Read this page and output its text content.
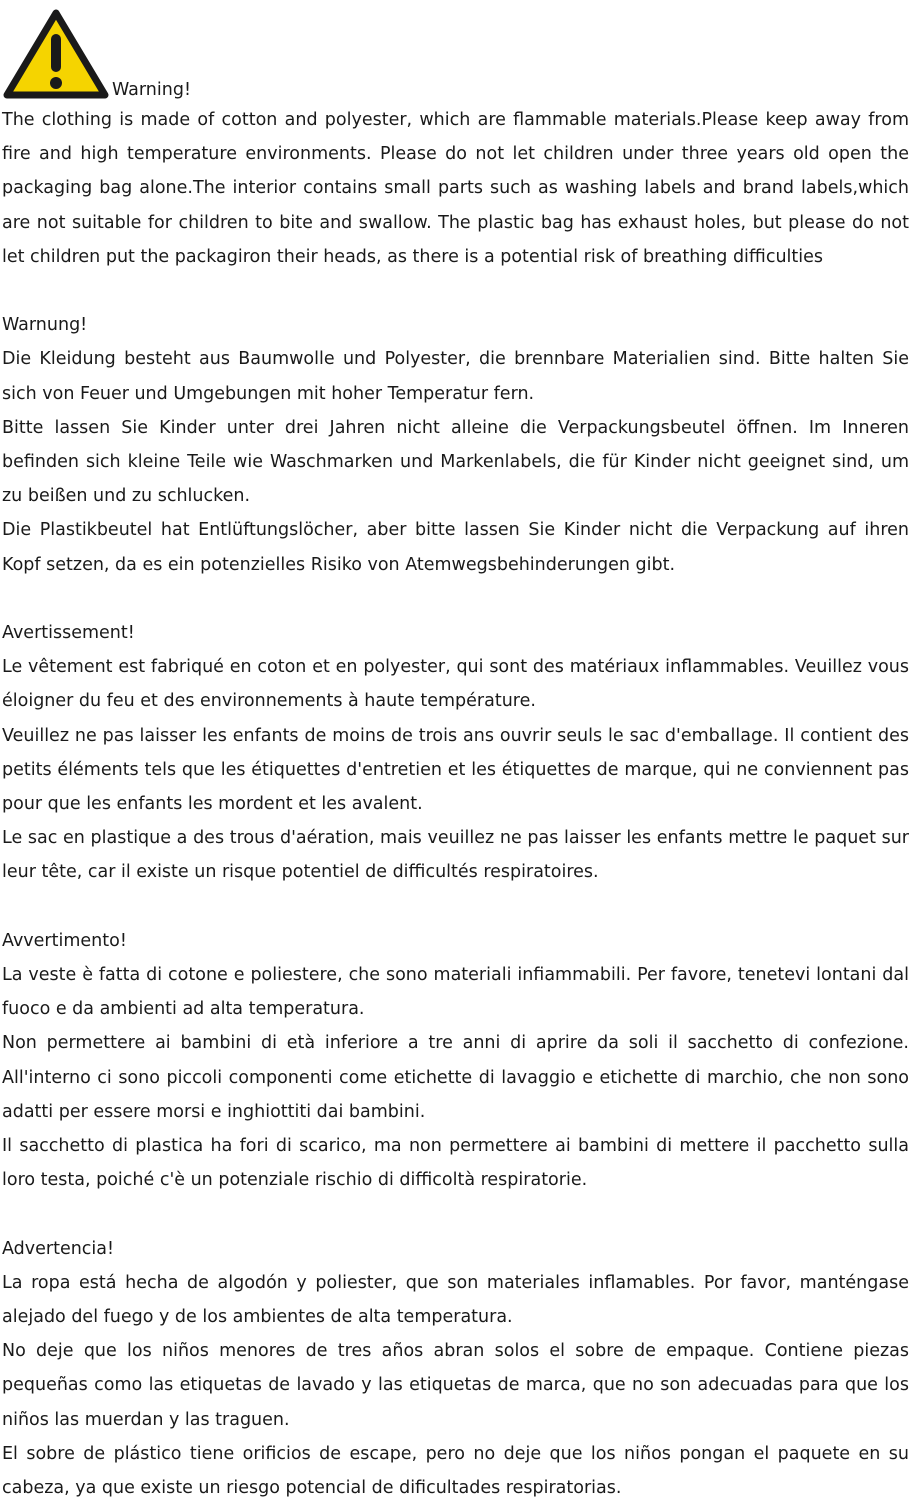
Warning!

The clothing is made of cotton and polyester, which are flammable materials.Please keep away from fire and high temperature environments. Please do not let children under three years old open the packaging bag alone.The interior contains small parts such as washing labels and brand labels,which are not suitable for children to bite and swallow. The plastic bag has exhaust holes, but please do not let children put the packagiron their heads, as there is a potential risk of breathing difficulties

Warnung!

Die Kleidung besteht aus Baumwolle und Polyester, die brennbare Materialien sind. Bitte halten Sie sich von Feuer und Umgebungen mit hoher Temperatur fern.

Bitte lassen Sie Kinder unter drei Jahren nicht alleine die Verpackungsbeutel öffnen. Im Inneren befinden sich kleine Teile wie Waschmarken und Markenlabels, die für Kinder nicht geeignet sind, um zu beißen und zu schlucken.

Die Plastikbeutel hat Entlüftungslöcher, aber bitte lassen Sie Kinder nicht die Verpackung auf ihren Kopf setzen, da es ein potenzielles Risiko von Atemwegsbehinderungen gibt.

Avertissement!

Le vêtement est fabriqué en coton et en polyester, qui sont des matériaux inflammables. Veuillez vous éloigner du feu et des environnements à haute température.

Veuillez ne pas laisser les enfants de moins de trois ans ouvrir seuls le sac d'emballage. Il contient des petits éléments tels que les étiquettes d'entretien et les étiquettes de marque, qui ne conviennent pas pour que les enfants les mordent et les avalent.

Le sac en plastique a des trous d'aération, mais veuillez ne pas laisser les enfants mettre le paquet sur leur tête, car il existe un risque potentiel de difficultés respiratoires.

Avvertimento!

La veste è fatta di cotone e poliestere, che sono materiali infiammabili. Per favore, tenetevi lontani dal fuoco e da ambienti ad alta temperatura.

Non permettere ai bambini di età inferiore a tre anni di aprire da soli il sacchetto di confezione. All'interno ci sono piccoli componenti come etichette di lavaggio e etichette di marchio, che non sono adatti per essere morsi e inghiottiti dai bambini.

Il sacchetto di plastica ha fori di scarico, ma non permettere ai bambini di mettere il pacchetto sulla loro testa, poiché c'è un potenziale rischio di difficoltà respiratorie.

Advertencia!

La ropa está hecha de algodón y poliester, que son materiales inflamables. Por favor, manténgase alejado del fuego y de los ambientes de alta temperatura.

No deje que los niños menores de tres años abran solos el sobre de empaque. Contiene piezas pequeñas como las etiquetas de lavado y las etiquetas de marca, que no son adecuadas para que los niños las muerdan y las traguen.

El sobre de plástico tiene orificios de escape, pero no deje que los niños pongan el paquete en su cabeza, ya que existe un riesgo potencial de dificultades respiratorias.
